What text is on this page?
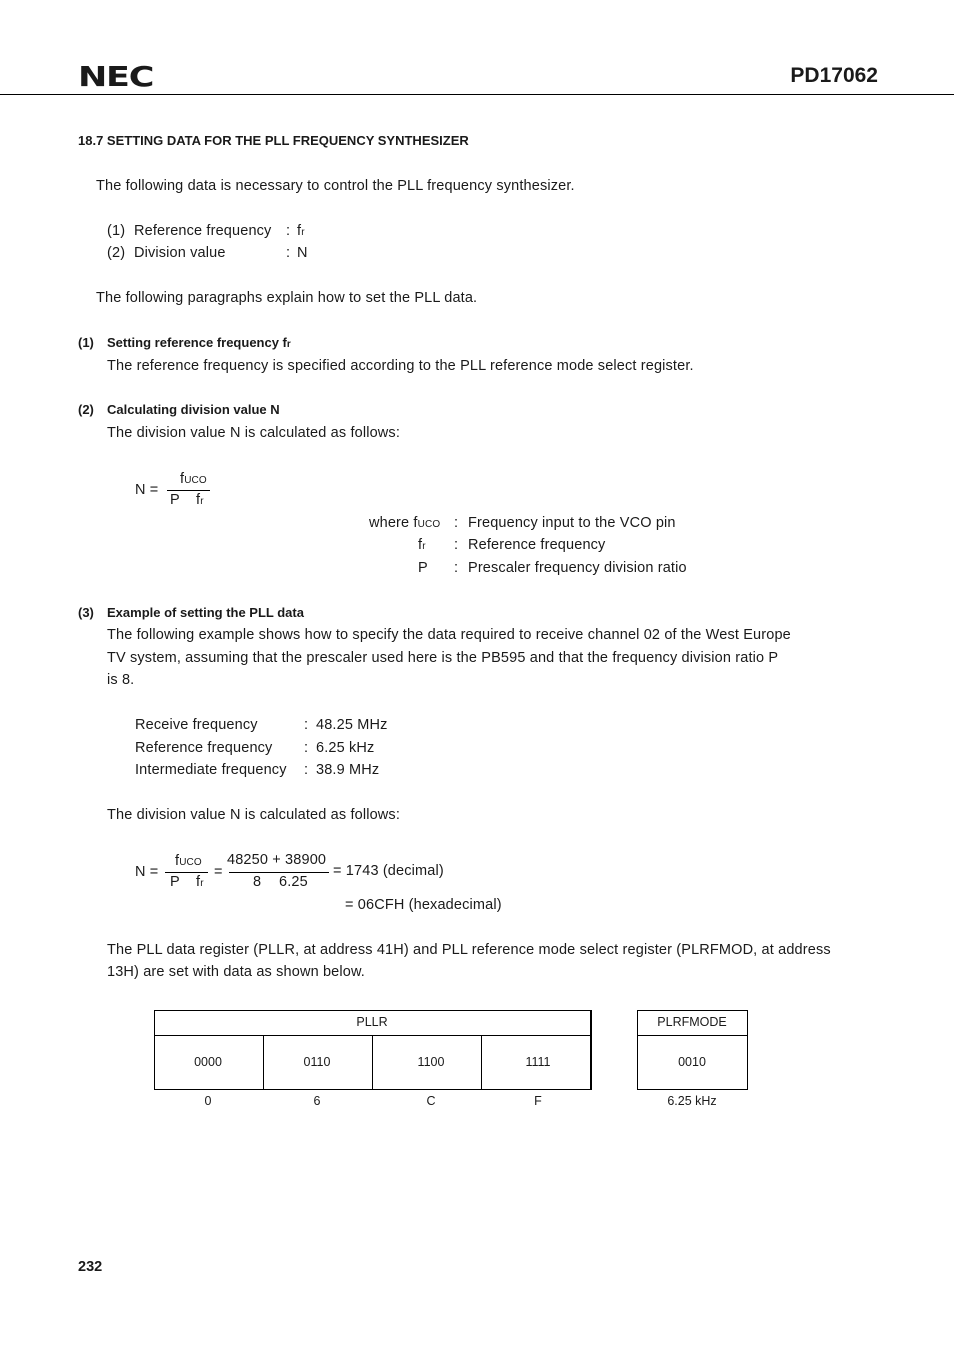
NEC	PD17062
18.7 SETTING DATA FOR THE PLL FREQUENCY SYNTHESIZER
The following data is necessary to control the PLL frequency synthesizer.
(1) Reference frequency : fr
(2) Division value	: N
The following paragraphs explain how to set the PLL data.
(1) Setting reference frequency fr
The reference frequency is specified according to the PLL reference mode select register.
(2) Calculating division value N
The division value N is calculated as follows:
N =
fUCO
P fr
where fUCO : Frequency input to the VCO pin
fr : Reference frequency
P : Prescaler frequency division ratio
(3) Example of setting the PLL data
The following example shows how to specify the data required to receive channel 02 of the West Europe
TV system, assuming that the prescaler used here is the PB595 and that the frequency division ratio P
is 8.
Receive frequency	: 48.25 MHz
Reference frequency : 6.25 kHz
Intermediate frequency : 38.9 MHz
The division value N is calculated as follows:
N =
fUCO
P fr
=
48250 + 38900
8 6.25
= 1743 (decimal)
= 06CFH (hexadecimal)
The PLL data register (PLLR, at address 41H) and PLL reference mode select register (PLRFMOD, at address
13H) are set with data as shown below.
PLLR
0000	0110	1100	1111
0	6	C	F
PLRFMODE
0010
6.25 kHz
232
